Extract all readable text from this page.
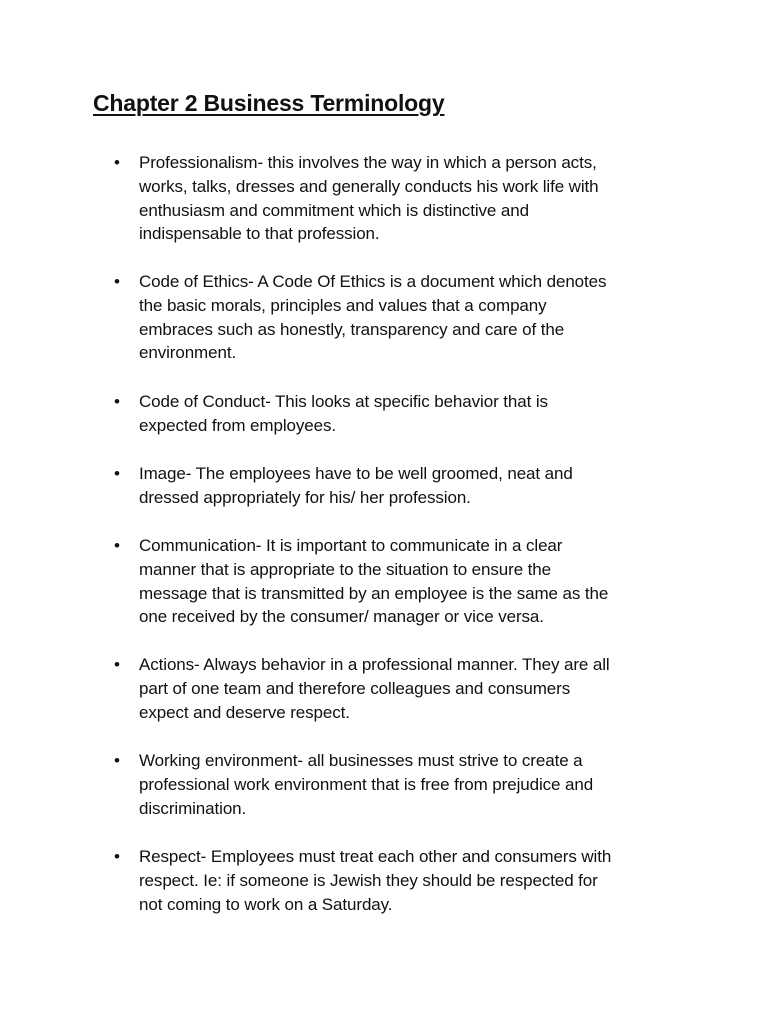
Chapter 2 Business Terminology
•	Professionalism- this involves the way in which a person acts,
works, talks, dresses and generally conducts his work life with
enthusiasm and commitment which is distinctive and
indispensable to that profession.
•	Code of Ethics- A Code Of Ethics is a document which denotes
the basic morals, principles and values that a company
embraces such as honestly, transparency and care of the
environment.
•	Code of Conduct- This looks at specific behavior that is
expected from employees.
•	Image- The employees have to be well groomed, neat and
dressed appropriately for his/ her profession.
•	Communication- It is important to communicate in a clear
manner that is appropriate to the situation to ensure the
message that is transmitted by an employee is the same as the
one received by the consumer/ manager or vice versa.
•	Actions- Always behavior in a professional manner. They are all
part of one team and therefore colleagues and consumers
expect and deserve respect.
•	Working environment- all businesses must strive to create a
professional work environment that is free from prejudice and
discrimination.
•	Respect- Employees must treat each other and consumers with
respect. Ie: if someone is Jewish they should be respected for
not coming to work on a Saturday.
